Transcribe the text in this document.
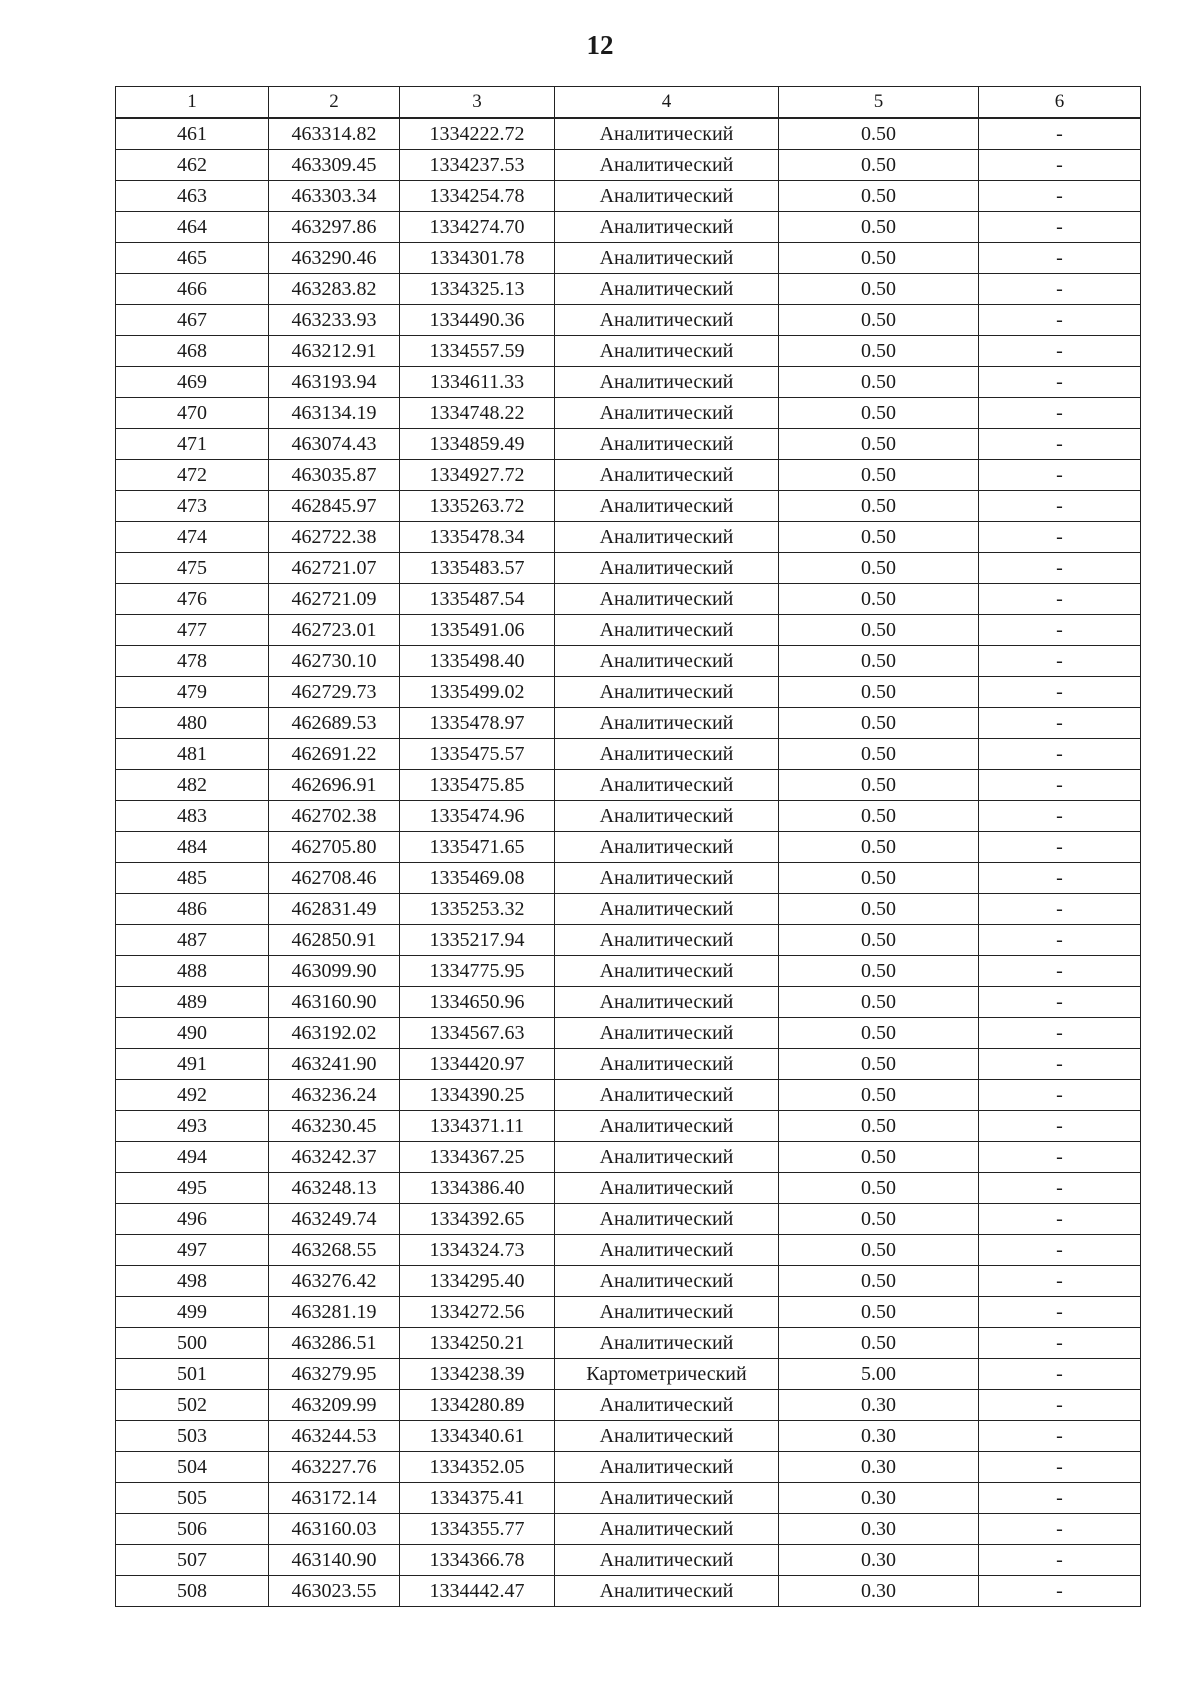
12
1	2	3	4	5	6
461	463314.82	1334222.72	Аналитический	0.50	-
462	463309.45	1334237.53	Аналитический	0.50	-
463	463303.34	1334254.78	Аналитический	0.50	-
464	463297.86	1334274.70	Аналитический	0.50	-
465	463290.46	1334301.78	Аналитический	0.50	-
466	463283.82	1334325.13	Аналитический	0.50	-
467	463233.93	1334490.36	Аналитический	0.50	-
468	463212.91	1334557.59	Аналитический	0.50	-
469	463193.94	1334611.33	Аналитический	0.50	-
470	463134.19	1334748.22	Аналитический	0.50	-
471	463074.43	1334859.49	Аналитический	0.50	-
472	463035.87	1334927.72	Аналитический	0.50	-
473	462845.97	1335263.72	Аналитический	0.50	-
474	462722.38	1335478.34	Аналитический	0.50	-
475	462721.07	1335483.57	Аналитический	0.50	-
476	462721.09	1335487.54	Аналитический	0.50	-
477	462723.01	1335491.06	Аналитический	0.50	-
478	462730.10	1335498.40	Аналитический	0.50	-
479	462729.73	1335499.02	Аналитический	0.50	-
480	462689.53	1335478.97	Аналитический	0.50	-
481	462691.22	1335475.57	Аналитический	0.50	-
482	462696.91	1335475.85	Аналитический	0.50	-
483	462702.38	1335474.96	Аналитический	0.50	-
484	462705.80	1335471.65	Аналитический	0.50	-
485	462708.46	1335469.08	Аналитический	0.50	-
486	462831.49	1335253.32	Аналитический	0.50	-
487	462850.91	1335217.94	Аналитический	0.50	-
488	463099.90	1334775.95	Аналитический	0.50	-
489	463160.90	1334650.96	Аналитический	0.50	-
490	463192.02	1334567.63	Аналитический	0.50	-
491	463241.90	1334420.97	Аналитический	0.50	-
492	463236.24	1334390.25	Аналитический	0.50	-
493	463230.45	1334371.11	Аналитический	0.50	-
494	463242.37	1334367.25	Аналитический	0.50	-
495	463248.13	1334386.40	Аналитический	0.50	-
496	463249.74	1334392.65	Аналитический	0.50	-
497	463268.55	1334324.73	Аналитический	0.50	-
498	463276.42	1334295.40	Аналитический	0.50	-
499	463281.19	1334272.56	Аналитический	0.50	-
500	463286.51	1334250.21	Аналитический	0.50	-
501	463279.95	1334238.39	Картометрический	5.00	-
502	463209.99	1334280.89	Аналитический	0.30	-
503	463244.53	1334340.61	Аналитический	0.30	-
504	463227.76	1334352.05	Аналитический	0.30	-
505	463172.14	1334375.41	Аналитический	0.30	-
506	463160.03	1334355.77	Аналитический	0.30	-
507	463140.90	1334366.78	Аналитический	0.30	-
508	463023.55	1334442.47	Аналитический	0.30	-
